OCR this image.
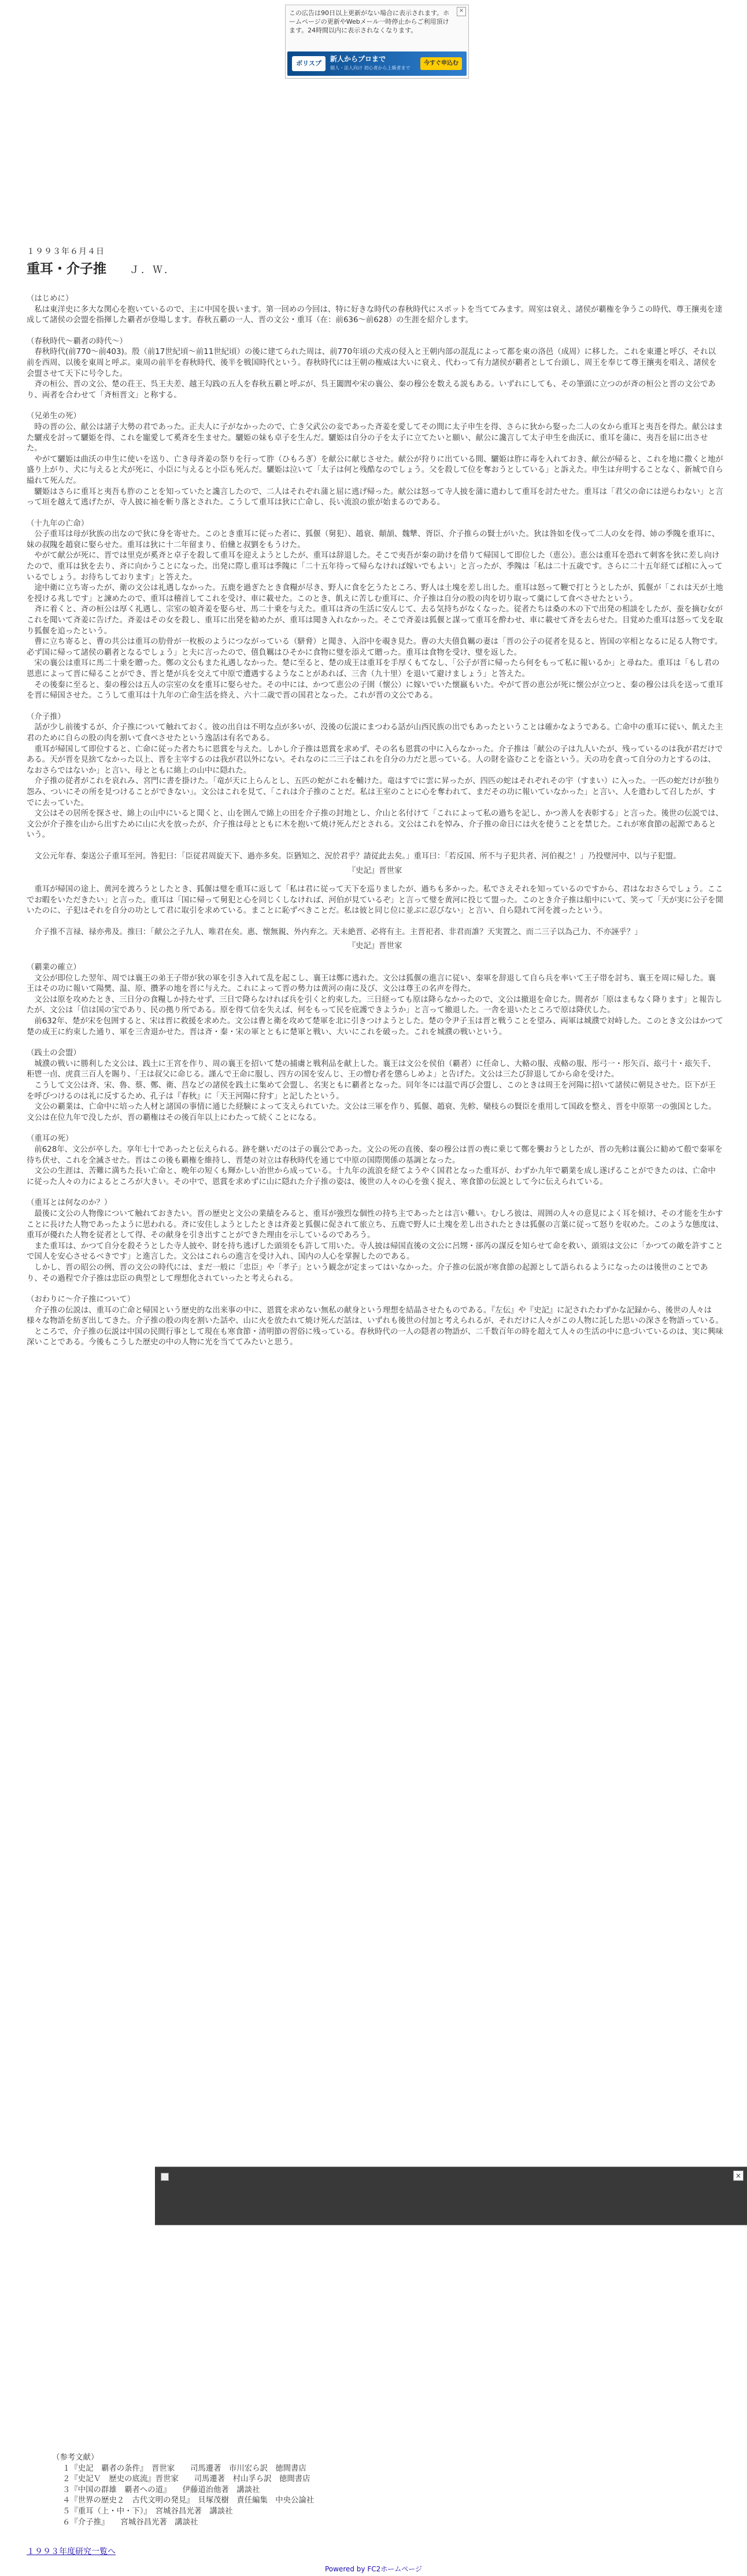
この広告は90日以上更新がない場合に表示されます。ホームページの更新やWebメール一時停止からご利用頂けます。24時間以内に表示されなくなります。
×
ボリスプ
新人からプロまで
個人・法人向け 初心者から上級者まで
今すぐ申込む
１９９３年６月４日
重耳・介子推 Ｊ．Ｗ．
（はじめに）

私は東洋史に多大な関心を抱いているので、主に中国を扱います。第一回めの今回は、特に好きな時代の春秋時代にスポットを当ててみます。周室は衰え、諸侯が覇権を争うこの時代、尊王攘夷を達成して諸侯の会盟を指揮した覇者が登場します。春秋五覇の一人、晋の文公・重耳（在：前636～前628）の生涯を紹介します。

（春秋時代～覇者の時代～）

春秋時代(前770～前403)。殷（前17世紀頃～前11世紀頃）の後に建てられた周は、前770年頃の犬戎の侵入と王朝内部の混乱によって都を東の洛邑（成周）に移した。これを東遷と呼び、それ以前を西周、以後を東周と呼ぶ。東周の前半を春秋時代、後半を戦国時代という。春秋時代には王朝の権威は大いに衰え、代わって有力諸侯が覇者として台頭し、周王を奉じて尊王攘夷を唱え、諸侯を会盟させて天下に号令した。

斉の桓公、晋の文公、楚の荘王、呉王夫差、越王勾践の五人を春秋五覇と呼ぶが、呉王闔閭や宋の襄公、秦の穆公を数える説もある。いずれにしても、その筆頭に立つのが斉の桓公と晋の文公であり、両者を合わせて「斉桓晋文」と称する。

（兄弟生の死）

時の晋の公、献公は諸子大勢の君であった。正夫人に子がなかったので、亡き父武公の妾であった斉姜を愛してその間に太子申生を得、さらに狄から娶った二人の女から重耳と夷吾を得た。献公はまた驪戎を討って驪姫を得、これを寵愛して奚斉を生ませた。驪姫の妹も卓子を生んだ。驪姫は自分の子を太子に立てたいと願い、献公に讒言して太子申生を曲沃に、重耳を蒲に、夷吾を屈に出させた。

やがて驪姫は曲沃の申生に使いを送り、亡き母斉姜の祭りを行って胙（ひもろぎ）を献公に献じさせた。献公が狩りに出ている間、驪姫は胙に毒を入れておき、献公が帰ると、これを地に撒くと地が盛り上がり、犬に与えると犬が死に、小臣に与えると小臣も死んだ。驪姫は泣いて「太子は何と残酷なのでしょう。父を殺して位を奪おうとしている」と訴えた。申生は弁明することなく、新城で自ら縊れて死んだ。

驪姫はさらに重耳と夷吾も胙のことを知っていたと讒言したので、二人はそれぞれ蒲と屈に逃げ帰った。献公は怒って寺人披を蒲に遣わして重耳を討たせた。重耳は「君父の命には逆らわない」と言って垣を越えて逃げたが、寺人披に袖を斬り落とされた。こうして重耳は狄に亡命し、長い流浪の旅が始まるのである。

（十九年の亡命）

公子重耳は母が狄族の出なので狄に身を寄せた。このとき重耳に従った者に、狐偃（舅犯）、趙衰、顛頡、魏犨、胥臣、介子推らの賢士がいた。狄は咎如を伐って二人の女を得、姉の季隗を重耳に、妹の叔隗を趙衰に娶らせた。重耳は狄に十二年留まり、伯儵と叔劉をもうけた。

やがて献公が死に、晋では里克が奚斉と卓子を殺して重耳を迎えようとしたが、重耳は辞退した。そこで夷吾が秦の助けを借りて帰国して即位した（恵公）。恵公は重耳を恐れて刺客を狄に差し向けたので、重耳は狄を去り、斉に向かうことになった。出発に際し重耳は季隗に「二十五年待って帰らなければ嫁いでもよい」と言ったが、季隗は「私は二十五歳です。さらに二十五年経てば棺に入っているでしょう。お待ちしております」と答えた。

途中衛に立ち寄ったが、衛の文公は礼遇しなかった。五鹿を過ぎたとき食糧が尽き、野人に食を乞うたところ、野人は土塊を差し出した。重耳は怒って鞭で打とうとしたが、狐偃が「これは天が土地を授ける兆しです」と諫めたので、重耳は稽首してこれを受け、車に載せた。このとき、飢えに苦しむ重耳に、介子推は自分の股の肉を切り取って羹にして食べさせたという。

斉に着くと、斉の桓公は厚く礼遇し、宗室の娘斉姜を娶らせ、馬二十乗を与えた。重耳は斉の生活に安んじて、去る気持ちがなくなった。従者たちは桑の木の下で出発の相談をしたが、蚕を摘む女がこれを聞いて斉姜に告げた。斉姜はその女を殺し、重耳に出発を勧めたが、重耳は聞き入れなかった。そこで斉姜は狐偃と謀って重耳を酔わせ、車に載せて斉を去らせた。目覚めた重耳は怒って戈を取り狐偃を追ったという。

曹に立ち寄ると、曹の共公は重耳の肋骨が一枚板のようにつながっている（駢脅）と聞き、入浴中を覗き見た。曹の大夫僖負羈の妻は「晋の公子の従者を見ると、皆国の宰相となるに足る人物です。必ず国に帰って諸侯の覇者となるでしょう」と夫に言ったので、僖負羈はひそかに食物に璧を添えて贈った。重耳は食物を受け、璧を返した。

宋の襄公は重耳に馬二十乗を贈った。鄭の文公もまた礼遇しなかった。楚に至ると、楚の成王は重耳を手厚くもてなし、「公子が晋に帰ったら何をもって私に報いるか」と尋ねた。重耳は「もし君の恩恵によって晋に帰ることができ、晋と楚が兵を交えて中原で遭遇するようなことがあれば、三舎（九十里）を退いて避けましょう」と答えた。

その後秦に至ると、秦の穆公は五人の宗室の女を重耳に娶らせた。その中には、かつて恵公の子圉（懐公）に嫁いでいた懐嬴もいた。やがて晋の恵公が死に懐公が立つと、秦の穆公は兵を送って重耳を晋に帰国させた。こうして重耳は十九年の亡命生活を終え、六十二歳で晋の国君となった。これが晋の文公である。

（介子推）

話が少し前後するが、介子推について触れておく。彼の出自は不明な点が多いが、没後の伝説にまつわる話が山西民族の出でもあったということは確かなようである。亡命中の重耳に従い、飢えた主君のために自らの股の肉を割いて食べさせたという逸話は有名である。

重耳が帰国して即位すると、亡命に従った者たちに恩賞を与えた。しかし介子推は恩賞を求めず、その名も恩賞の中に入らなかった。介子推は「献公の子は九人いたが、残っているのは我が君だけである。天が晋を見捨てなかった以上、晋を主宰するのは我が君以外にない。それなのに二三子はこれを自分の力だと思っている。人の財を盗むことを盗という。天の功を貪って自分の力とするのは、なおさらではないか」と言い、母とともに綿上の山中に隠れた。

介子推の従者がこれを哀れみ、宮門に書を掛けた。「竜が天に上らんとし、五匹の蛇がこれを輔けた。竜はすでに雲に昇ったが、四匹の蛇はそれぞれその宇（すまい）に入った。一匹の蛇だけが独り怨み、ついにその所を見つけることができない」。文公はこれを見て、「これは介子推のことだ。私は王室のことに心を奪われて、まだその功に報いていなかった」と言い、人を遣わして召したが、すでに去っていた。

文公はその居所を探させ、綿上の山中にいると聞くと、山を囲んで綿上の田を介子推の封地とし、介山と名付けて「これによって私の過ちを記し、かつ善人を表彰する」と言った。後世の伝説では、文公が介子推を山から出すために山に火を放ったが、介子推は母とともに木を抱いて焼け死んだとされる。文公はこれを悼み、介子推の命日には火を使うことを禁じた。これが寒食節の起源であるという。

文公元年春、秦送公子重耳至河。咎犯曰：「臣従君周旋天下、過亦多矣。臣猶知之、況於君乎？請従此去矣。」重耳曰：「若反国、所不与子犯共者、河伯視之！」乃投璧河中、以与子犯盟。

『史記』晋世家

重耳が帰国の途上、黄河を渡ろうとしたとき、狐偃は璧を重耳に返して「私は君に従って天下を巡りましたが、過ちも多かった。私でさえそれを知っているのですから、君はなおさらでしょう。ここでお暇をいただきたい」と言った。重耳は「国に帰って舅犯と心を同じくしなければ、河伯が見ているぞ」と言って璧を黄河に投じて盟った。このとき介子推は船中にいて、笑って「天が実に公子を開いたのに、子犯はそれを自分の功として君に取引を求めている。まことに恥ずべきことだ。私は彼と同じ位に並ぶに忍びない」と言い、自ら隠れて河を渡ったという。

介子推不言禄、禄亦弗及。推曰：「献公之子九人、唯君在矣。惠、懐無親、外内弃之。天未絶晋、必将有主。主晋祀者、非君而誰？天実置之、而二三子以為己力、不亦誣乎？」

『史記』晋世家

（覇業の確立）

文公が即位した翌年、周では襄王の弟王子帯が狄の軍を引き入れて乱を起こし、襄王は鄭に逃れた。文公は狐偃の進言に従い、秦軍を辞退して自ら兵を率いて王子帯を討ち、襄王を周に帰した。襄王はその功に報いて陽樊、温、原、攢茅の地を晋に与えた。これによって晋の勢力は黄河の南に及び、文公は尊王の名声を得た。

文公は原を攻めたとき、三日分の食糧しか持たせず、三日で降らなければ兵を引くと約束した。三日経っても原は降らなかったので、文公は撤退を命じた。間者が「原はまもなく降ります」と報告したが、文公は「信は国の宝であり、民の拠り所である。原を得て信を失えば、何をもって民を庇護できようか」と言って撤退した。一舎を退いたところで原は降伏した。

前632年、楚が宋を包囲すると、宋は晋に救援を求めた。文公は曹と衛を攻めて楚軍を北に引きつけようとした。楚の令尹子玉は晋と戦うことを望み、両軍は城濮で対峙した。このとき文公はかつて楚の成王に約束した通り、軍を三舎退かせた。晋は斉・秦・宋の軍とともに楚軍と戦い、大いにこれを破った。これを城濮の戦いという。

（践土の会盟）

城濮の戦いに勝利した文公は、践土に王宮を作り、周の襄王を招いて楚の捕虜と戦利品を献上した。襄王は文公を侯伯（覇者）に任命し、大輅の服、戎輅の服、彤弓一・彤矢百、玈弓十・玈矢千、秬鬯一卣、虎賁三百人を賜り、「王は叔父に命じる。謹んで王命に服し、四方の国を安んじ、王の憎む者を懲らしめよ」と告げた。文公は三たび辞退してから命を受けた。

こうして文公は斉、宋、魯、蔡、鄭、衛、莒などの諸侯を践土に集めて会盟し、名実ともに覇者となった。同年冬には温で再び会盟し、このときは周王を河陽に招いて諸侯に朝見させた。臣下が王を呼びつけるのは礼に反するため、孔子は『春秋』に「天王河陽に狩す」と記したという。

文公の覇業は、亡命中に培った人材と諸国の事情に通じた経験によって支えられていた。文公は三軍を作り、狐偃、趙衰、先軫、欒枝らの賢臣を重用して国政を整え、晋を中原第一の強国とした。文公は在位九年で没したが、晋の覇権はその後百年以上にわたって続くことになる。

（重耳の死）

前628年、文公が卒した。享年七十であったと伝えられる。跡を継いだのは子の襄公であった。文公の死の直後、秦の穆公は晋の喪に乗じて鄭を襲おうとしたが、晋の先軫は襄公に勧めて殽で秦軍を待ち伏せ、これを全滅させた。晋はこの後も覇権を維持し、晋楚の対立は春秋時代を通じて中原の国際関係の基調となった。

文公の生涯は、苦難に満ちた長い亡命と、晩年の短くも輝かしい治世から成っている。十九年の流浪を経てようやく国君となった重耳が、わずか九年で覇業を成し遂げることができたのは、亡命中に従った人々の力によるところが大きい。その中で、恩賞を求めずに山に隠れた介子推の姿は、後世の人々の心を強く捉え、寒食節の伝説として今に伝えられている。

（重耳とは何なのか？）

最後に文公の人物像について触れておきたい。晋の歴史と文公の業績をみると、重耳が強烈な個性の持ち主であったとは言い難い。むしろ彼は、周囲の人々の意見によく耳を傾け、その才能を生かすことに長けた人物であったように思われる。斉に安住しようとしたときは斉姜と狐偃に促されて旅立ち、五鹿で野人に土塊を差し出されたときは狐偃の言葉に従って怒りを収めた。このような態度は、重耳が優れた人物を従者として得、その献身を引き出すことができた理由を示しているのであろう。

また重耳は、かつて自分を殺そうとした寺人披や、財を持ち逃げした頭須をも許して用いた。寺人披は帰国直後の文公に呂甥・郤芮の謀反を知らせて命を救い、頭須は文公に「かつての敵を許すことで国人を安心させるべきです」と進言した。文公はこれらの進言を受け入れ、国内の人心を掌握したのである。

しかし、晋の昭公の例、晋の文公の時代には、まだ一般に「忠臣」や「孝子」という観念が定まってはいなかった。介子推の伝説が寒食節の起源として語られるようになったのは後世のことであり、その過程で介子推は忠臣の典型として理想化されていったと考えられる。

（おわりに～介子推について）

介子推の伝説は、重耳の亡命と帰国という歴史的な出来事の中に、恩賞を求めない無私の献身という理想を結晶させたものである。『左伝』や『史記』に記されたわずかな記録から、後世の人々は様々な物語を紡ぎ出してきた。介子推の股の肉を割いた話や、山に火を放たれて焼け死んだ話は、いずれも後世の付加と考えられるが、それだけに人々がこの人物に託した思いの深さを物語っている。

ところで、介子推の伝説は中国の民間行事として現在も寒食節・清明節の習俗に残っている。春秋時代の一人の隠者の物語が、二千数百年の時を超えて人々の生活の中に息づいているのは、実に興味深いことである。今後もこうした歴史の中の人物に光を当ててみたいと思う。

×
（参考文献）
１『史記　覇者の条件』　晋世家　　司馬遷著　市川宏ら訳　徳間書店
２『史記Ｖ　歴史の底流』晋世家　　司馬遷著　村山孚ら訳　徳間書店
３『中国の群雄　覇者への道』　　伊藤道治他著　講談社
４『世界の歴史２　古代文明の発見』　貝塚茂樹　責任編集　中央公論社
５『重耳（上・中・下）』　宮城谷昌光著　講談社
６『介子推』　　宮城谷昌光著　講談社
１９９３年度研究一覧へ
Powered by FC2ホームページ
